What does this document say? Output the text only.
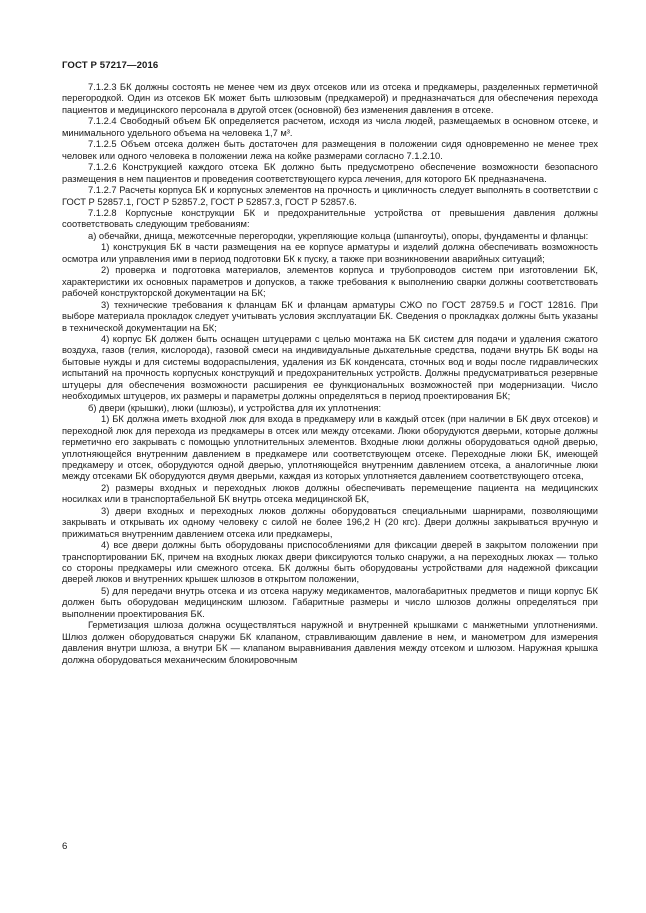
ГОСТ Р 57217—2016

7.1.2.3 БК должны состоять не менее чем из двух отсеков или из отсека и предкамеры, разделенных герметичной перегородкой. Один из отсеков БК может быть шлюзовым (предкамерой) и предназначаться для обеспечения перехода пациентов и медицинского персонала в другой отсек (основной) без изменения давления в отсеке.

7.1.2.4 Свободный объем БК определяется расчетом, исходя из числа людей, размещаемых в основном отсеке, и минимального удельного объема на человека 1,7 м³.

7.1.2.5 Объем отсека должен быть достаточен для размещения в положении сидя одновременно не менее трех человек или одного человека в положении лежа на койке размерами согласно 7.1.2.10.

7.1.2.6 Конструкцией каждого отсека БК должно быть предусмотрено обеспечение возможности безопасного размещения в нем пациентов и проведения соответствующего курса лечения, для которого БК предназначена.

7.1.2.7 Расчеты корпуса БК и корпусных элементов на прочность и цикличность следует выполнять в соответствии с ГОСТ Р 52857.1, ГОСТ Р 52857.2, ГОСТ Р 52857.3, ГОСТ Р 52857.6.

7.1.2.8 Корпусные конструкции БК и предохранительные устройства от превышения давления должны соответствовать следующим требованиям:

а) обечайки, днища, межотсечные перегородки, укрепляющие кольца (шпангоуты), опоры, фундаменты и фланцы:

1) конструкция БК в части размещения на ее корпусе арматуры и изделий должна обеспечивать возможность осмотра или управления ими в период подготовки БК к пуску, а также при возникновении аварийных ситуаций;

2) проверка и подготовка материалов, элементов корпуса и трубопроводов систем при изготовлении БК, характеристики их основных параметров и допусков, а также требования к выполнению сварки должны соответствовать рабочей конструкторской документации на БК;

3) технические требования к фланцам БК и фланцам арматуры СЖО по ГОСТ 28759.5 и ГОСТ 12816. При выборе материала прокладок следует учитывать условия эксплуатации БК. Сведения о прокладках должны быть указаны в технической документации на БК;

4) корпус БК должен быть оснащен штуцерами с целью монтажа на БК систем для подачи и удаления сжатого воздуха, газов (гелия, кислорода), газовой смеси на индивидуальные дыхательные средства, подачи внутрь БК воды на бытовые нужды и для системы водораспыления, удаления из БК конденсата, сточных вод и воды после гидравлических испытаний на прочность корпусных конструкций и предохранительных устройств. Должны предусматриваться резервные штуцеры для обеспечения возможности расширения ее функциональных возможностей при модернизации. Число необходимых штуцеров, их размеры и параметры должны определяться в период проектирования БК;

б) двери (крышки), люки (шлюзы), и устройства для их уплотнения:

1) БК должна иметь входной люк для входа в предкамеру или в каждый отсек (при наличии в БК двух отсеков) и переходной люк для перехода из предкамеры в отсек или между отсеками. Люки оборудуются дверьми, которые должны герметично его закрывать с помощью уплотнительных элементов. Входные люки должны оборудоваться одной дверью, уплотняющейся внутренним давлением в предкамере или соответствующем отсеке. Переходные люки БК, имеющей предкамеру и отсек, оборудуются одной дверью, уплотняющейся внутренним давлением отсека, а аналогичные люки между отсеками БК оборудуются двумя дверьми, каждая из которых уплотняется давлением соответствующего отсека,

2) размеры входных и переходных люков должны обеспечивать перемещение пациента на медицинских носилках или в транспортабельной БК внутрь отсека медицинской БК,

3) двери входных и переходных люков должны оборудоваться специальными шарнирами, позволяющими закрывать и открывать их одному человеку с силой не более 196,2 Н (20 кгс). Двери должны закрываться вручную и прижиматься внутренним давлением отсека или предкамеры,

4) все двери должны быть оборудованы приспособлениями для фиксации дверей в закрытом положении при транспортировании БК, причем на входных люках двери фиксируются только снаружи, а на переходных люках — только со стороны предкамеры или смежного отсека. БК должны быть оборудованы устройствами для надежной фиксации дверей люков и внутренних крышек шлюзов в открытом положении,

5) для передачи внутрь отсека и из отсека наружу медикаментов, малогабаритных предметов и пищи корпус БК должен быть оборудован медицинским шлюзом. Габаритные размеры и число шлюзов должны определяться при выполнении проектирования БК.

Герметизация шлюза должна осуществляться наружной и внутренней крышками с манжетными уплотнениями. Шлюз должен оборудоваться снаружи БК клапаном, стравливающим давление в нем, и манометром для измерения давления внутри шлюза, а внутри БК — клапаном выравнивания давления между отсеком и шлюзом. Наружная крышка должна оборудоваться механическим блокировочным

6
